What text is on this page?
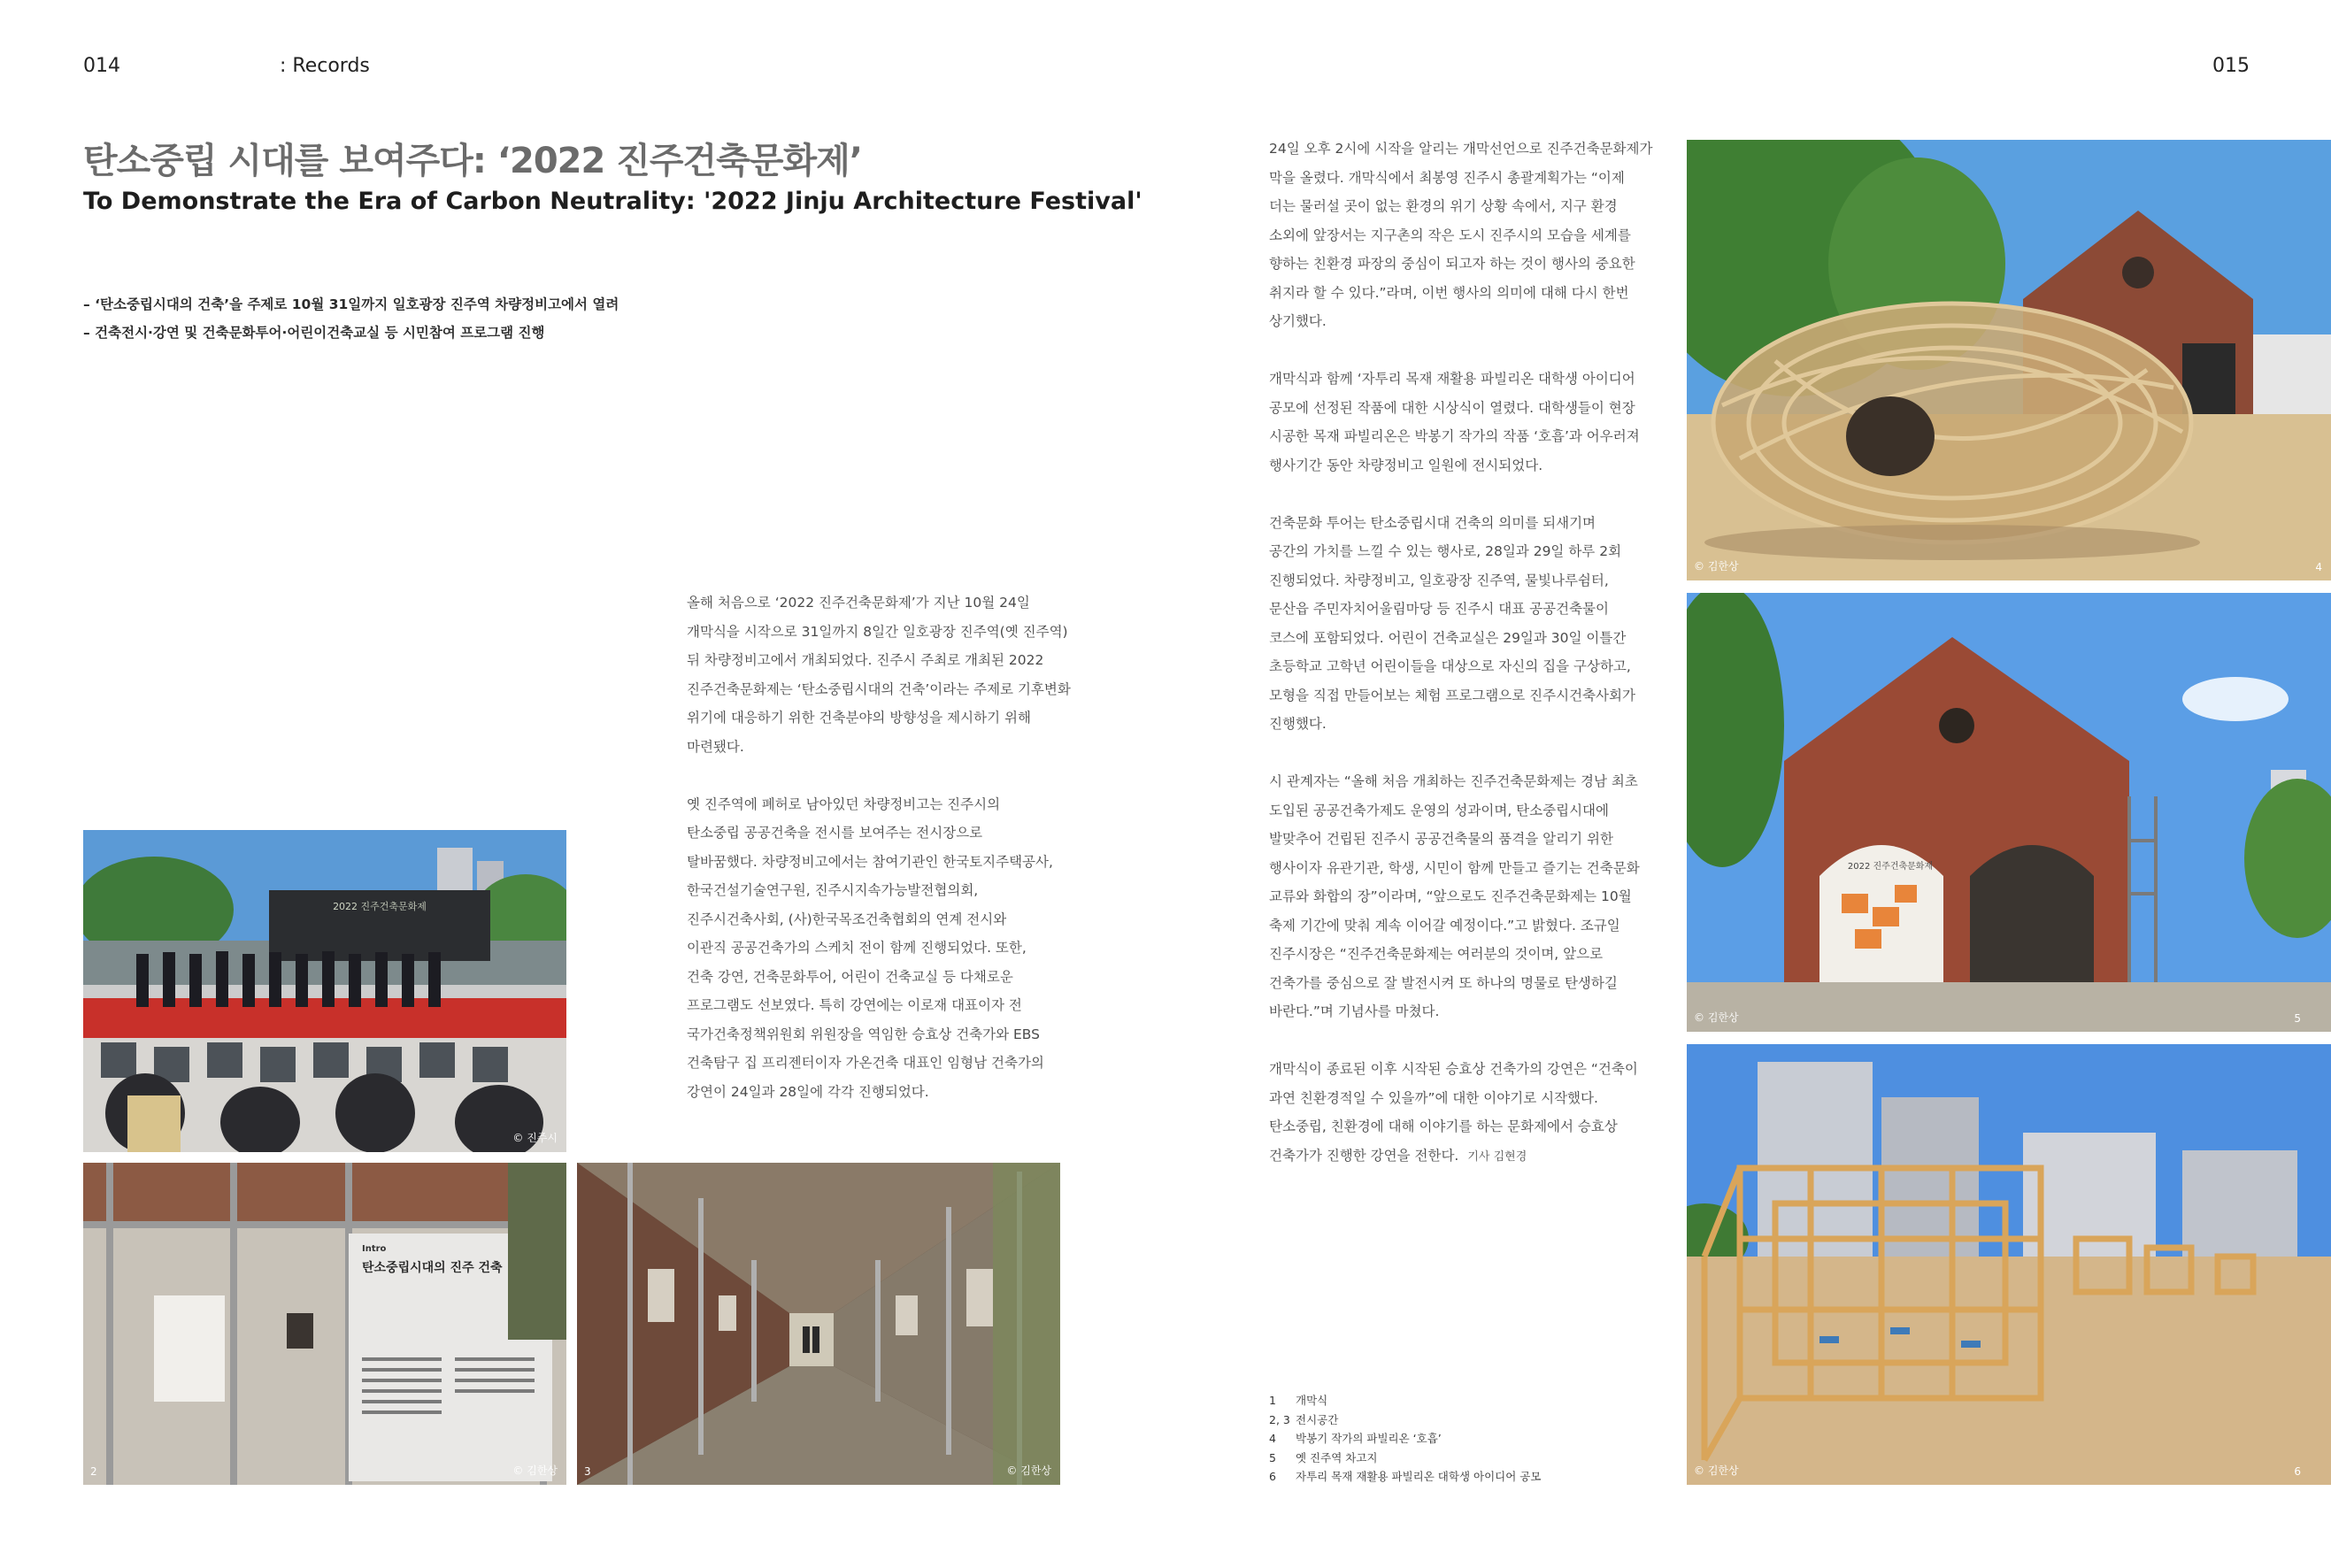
014	: Records	015
탄소중립 시대를 보여주다: ‘2022 진주건축문화제’
To Demonstrate the Era of Carbon Neutrality: '2022 Jinju Architecture Festival'
– ‘탄소중립시대의 건축’을 주제로 10월 31일까지 일호광장 진주역 차량정비고에서 열려
– 건축전시·강연 및 건축문화투어·어린이건축교실 등 시민참여 프로그램 진행
올해 처음으로 ‘2022 진주건축문화제’가 지난 10월 24일
개막식을 시작으로 31일까지 8일간 일호광장 진주역(옛 진주역)
뒤 차량정비고에서 개최되었다. 진주시 주최로 개최된 2022
진주건축문화제는 ‘탄소중립시대의 건축’이라는 주제로 기후변화
위기에 대응하기 위한 건축분야의 방향성을 제시하기 위해
마련됐다.
옛 진주역에 폐허로 남아있던 차량정비고는 진주시의
탄소중립 공공건축을 전시를 보여주는 전시장으로
탈바꿈했다. 차량정비고에서는 참여기관인 한국토지주택공사,
한국건설기술연구원, 진주시지속가능발전협의회,
진주시건축사회, (사)한국목조건축협회의 연계 전시와
이관직 공공건축가의 스케치 전이 함께 진행되었다. 또한,
건축 강연, 건축문화투어, 어린이 건축교실 등 다채로운
프로그램도 선보였다. 특히 강연에는 이로재 대표이자 전
국가건축정책위원회 위원장을 역임한 승효상 건축가와 EBS
건축탐구 집 프리젠터이자 가온건축 대표인 임형남 건축가의
강연이 24일과 28일에 각각 진행되었다.
24일 오후 2시에 시작을 알리는 개막선언으로 진주건축문화제가
막을 올렸다. 개막식에서 최봉영 진주시 총괄계획가는 “이제
더는 물러설 곳이 없는 환경의 위기 상황 속에서, 지구 환경
소외에 앞장서는 지구촌의 작은 도시 진주시의 모습을 세계를
향하는 친환경 파장의 중심이 되고자 하는 것이 행사의 중요한
취지라 할 수 있다.”라며, 이번 행사의 의미에 대해 다시 한번
상기했다.
개막식과 함께 ‘자투리 목재 재활용 파빌리온 대학생 아이디어
공모에 선정된 작품에 대한 시상식이 열렸다. 대학생들이 현장
시공한 목재 파빌리온은 박봉기 작가의 작품 ‘호흡’과 어우러져
행사기간 동안 차량정비고 일원에 전시되었다.
건축문화 투어는 탄소중립시대 건축의 의미를 되새기며
공간의 가치를 느낄 수 있는 행사로, 28일과 29일 하루 2회
진행되었다. 차량정비고, 일호광장 진주역, 물빛나루쉼터,
문산읍 주민자치어울림마당 등 진주시 대표 공공건축물이
코스에 포함되었다. 어린이 건축교실은 29일과 30일 이틀간
초등학교 고학년 어린이들을 대상으로 자신의 집을 구상하고,
모형을 직접 만들어보는 체험 프로그램으로 진주시건축사회가
진행했다.
시 관계자는 “올해 처음 개최하는 진주건축문화제는 경남 최초
도입된 공공건축가제도 운영의 성과이며, 탄소중립시대에
발맞추어 건립된 진주시 공공건축물의 품격을 알리기 위한
행사이자 유관기관, 학생, 시민이 함께 만들고 즐기는 건축문화
교류와 화합의 장”이라며, “앞으로도 진주건축문화제는 10월
축제 기간에 맞춰 계속 이어갈 예정이다.”고 밝혔다. 조규일
진주시장은 “진주건축문화제는 여러분의 것이며, 앞으로
건축가를 중심으로 잘 발전시켜 또 하나의 명물로 탄생하길
바란다.”며 기념사를 마쳤다.
개막식이 종료된 이후 시작된 승효상 건축가의 강연은 “건축이
과연 친환경적일 수 있을까”에 대한 이야기로 시작했다.
탄소중립, 친환경에 대해 이야기를 하는 문화제에서 승효상
건축가가 진행한 강연을 전한다. 기사 김현경
2022 진주건축문화제
© 진주시
Intro
탄소중립시대의 진주 건축
2	© 김한상	3	© 김한상
© 김한상	4
2022 진주건축문화제
© 김한상	5
© 김한상	6
1 개막식
2, 3 전시공간
4 박봉기 작가의 파빌리온 ‘호흡’
5 옛 진주역 차고지
6 자투리 목재 재활용 파빌리온 대학생 아이디어 공모
